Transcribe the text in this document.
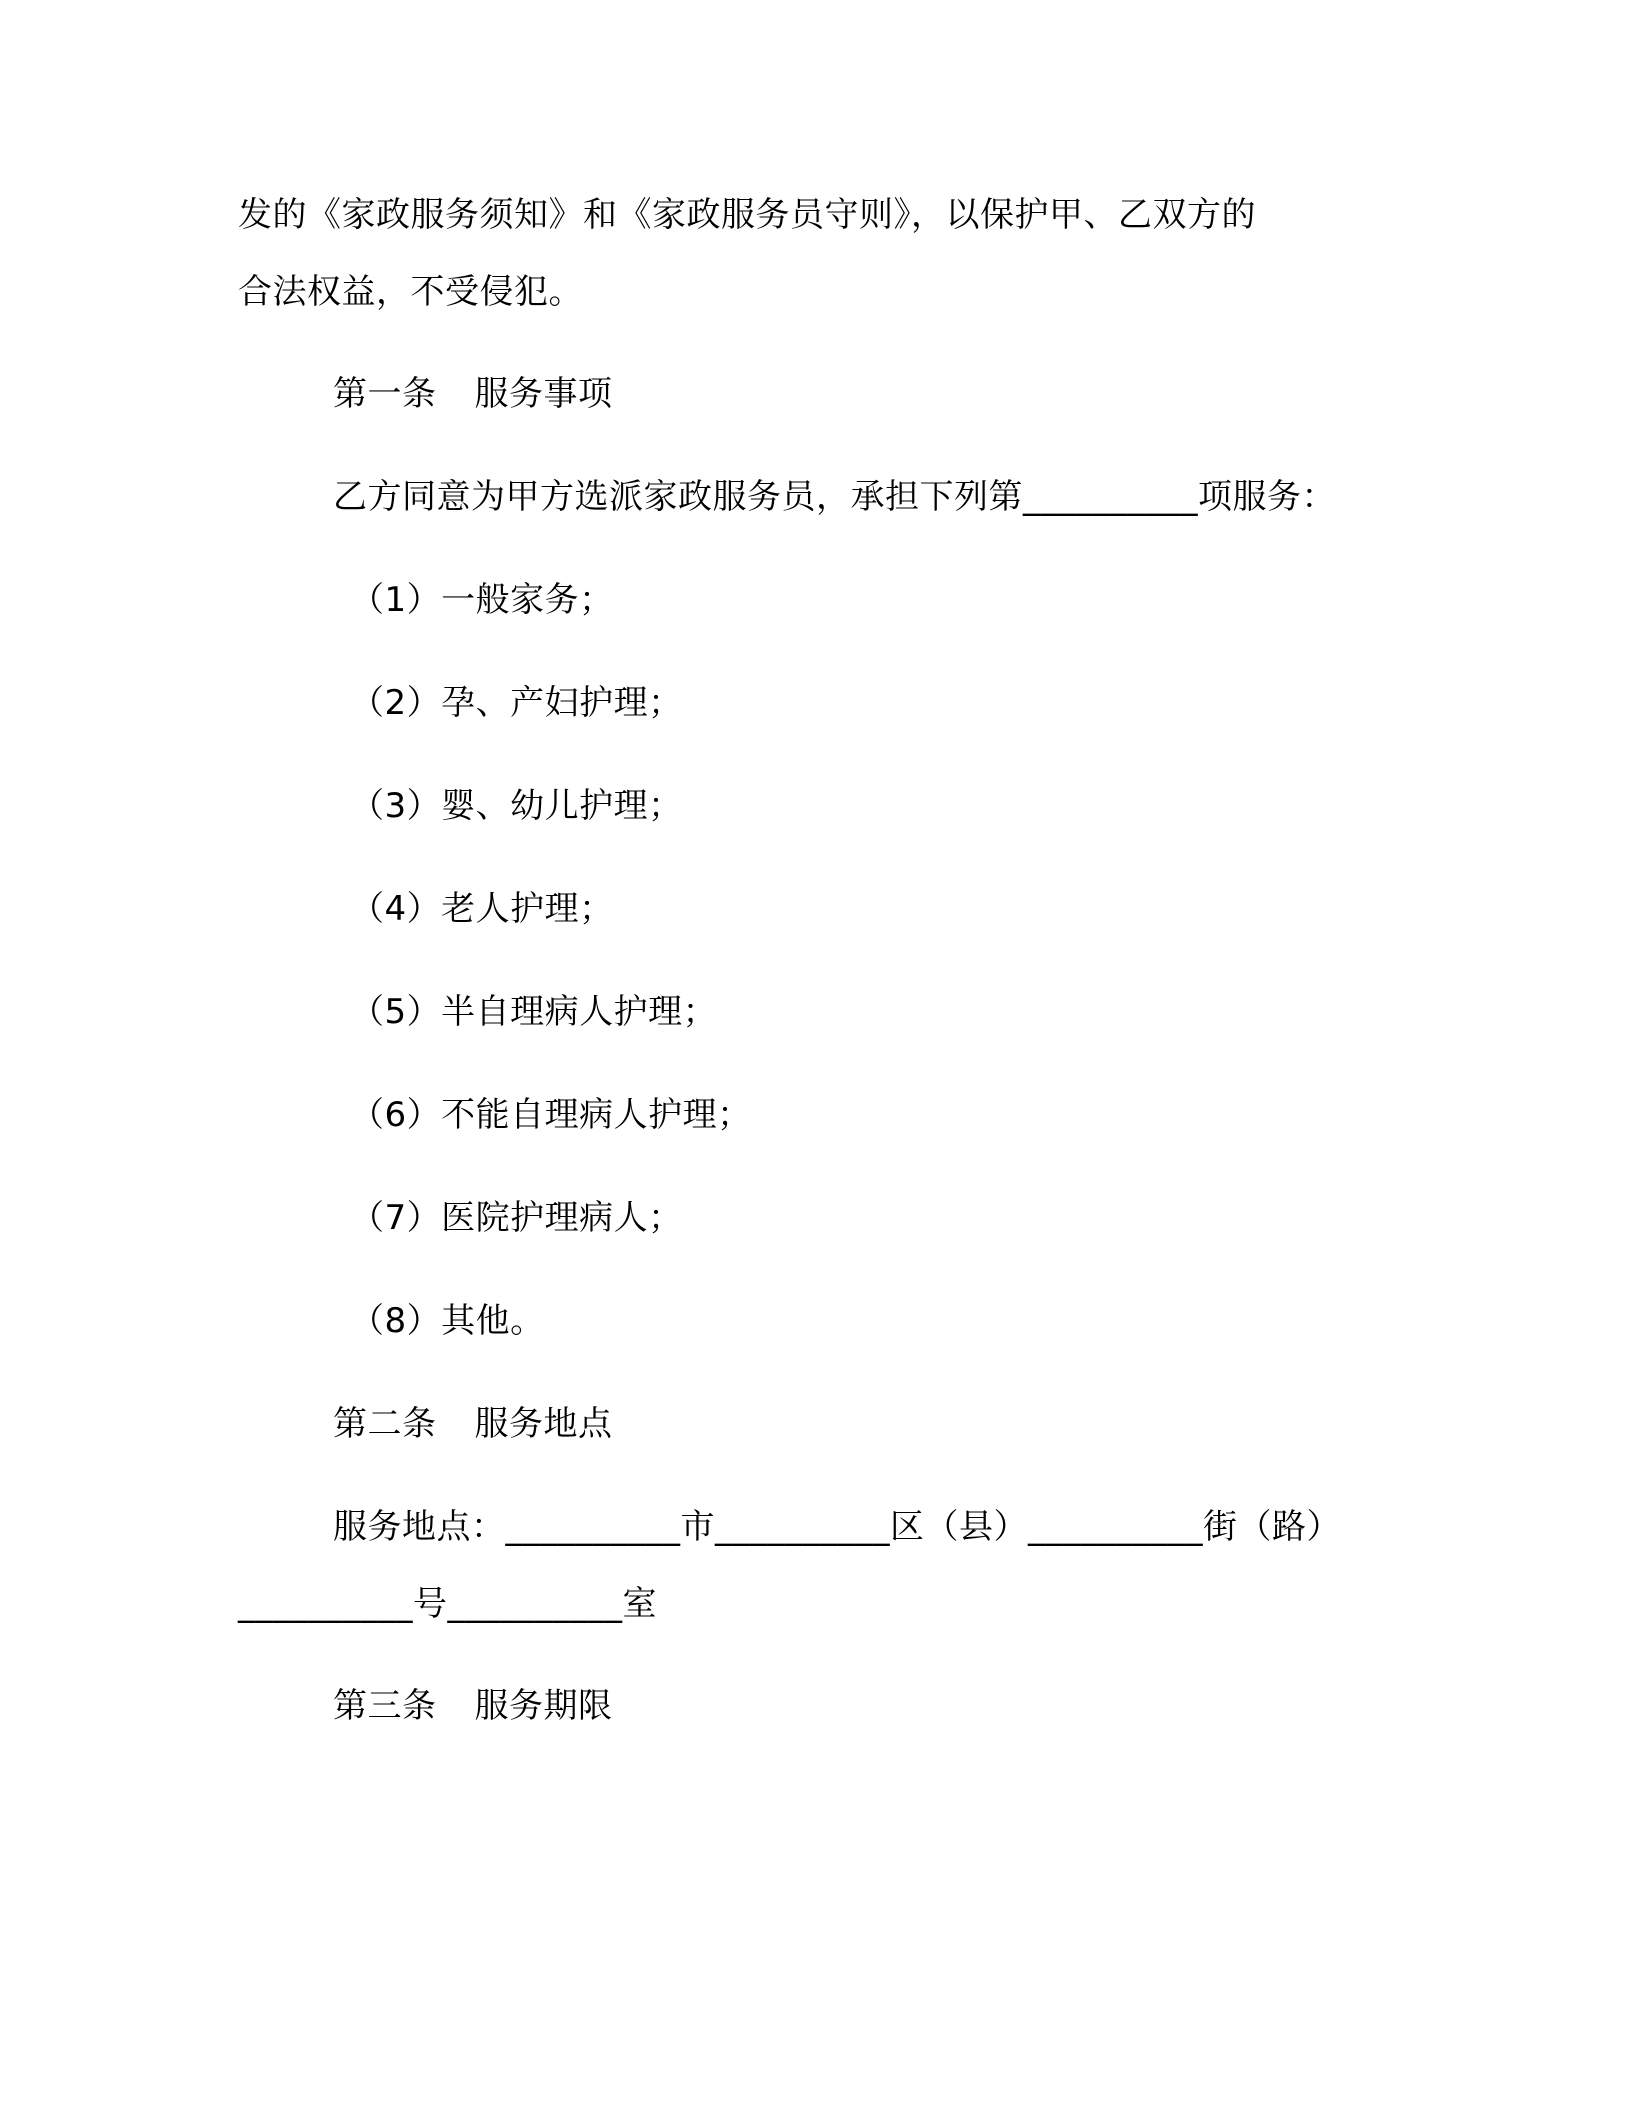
发的《家政服务须知》和《家政服务员守则》，以保护甲、乙双方的
合法权益，不受侵犯。
第一条 服务事项
乙方同意为甲方选派家政服务员，承担下列第__________项服务：
（1）一般家务；
（2）孕、产妇护理；
（3）婴、幼儿护理；
（4）老人护理；
（5）半自理病人护理；
（6）不能自理病人护理；
（7）医院护理病人；
（8）其他。
第二条 服务地点
服务地点：__________市__________区（县）__________街（路）
__________号__________室
第三条 服务期限
